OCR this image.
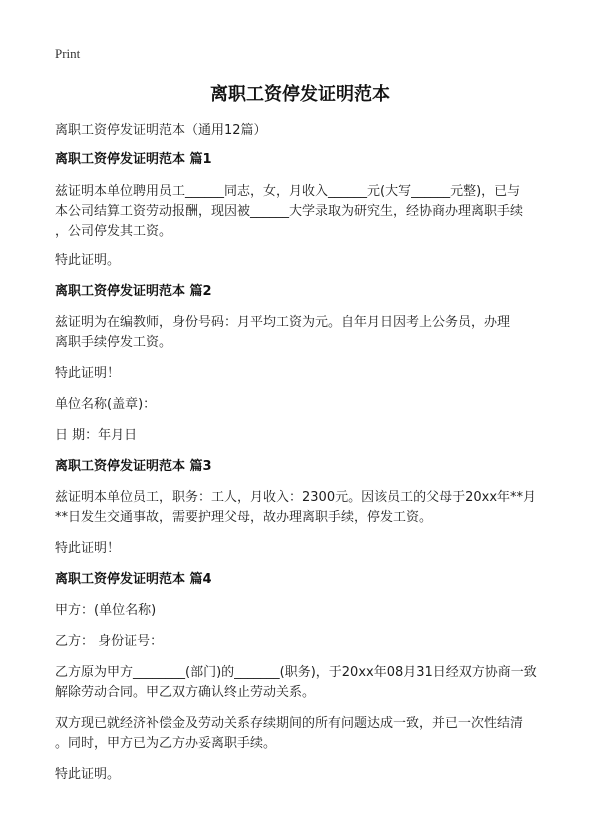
Print
离职工资停发证明范本
离职工资停发证明范本（通用12篇）
离职工资停发证明范本 篇1
兹证明本单位聘用员工______同志，女，月收入______元(大写______元整)，已与
本公司结算工资劳动报酬，现因被______大学录取为研究生，经协商办理离职手续
，公司停发其工资。
特此证明。
离职工资停发证明范本 篇2
兹证明为在编教师，身份号码：月平均工资为元。自年月日因考上公务员，办理
离职手续停发工资。
特此证明！
单位名称(盖章)：
日 期：年月日
离职工资停发证明范本 篇3
兹证明本单位员工，职务：工人，月收入：2300元。因该员工的父母于20xx年**月
**日发生交通事故，需要护理父母，故办理离职手续，停发工资。
特此证明！
离职工资停发证明范本 篇4
甲方：(单位名称)
乙方： 身份证号：
乙方原为甲方________(部门)的_______(职务)，于20xx年08月31日经双方协商一致
解除劳动合同。甲乙双方确认终止劳动关系。
双方现已就经济补偿金及劳动关系存续期间的所有问题达成一致，并已一次性结清
。同时，甲方已为乙方办妥离职手续。
特此证明。
